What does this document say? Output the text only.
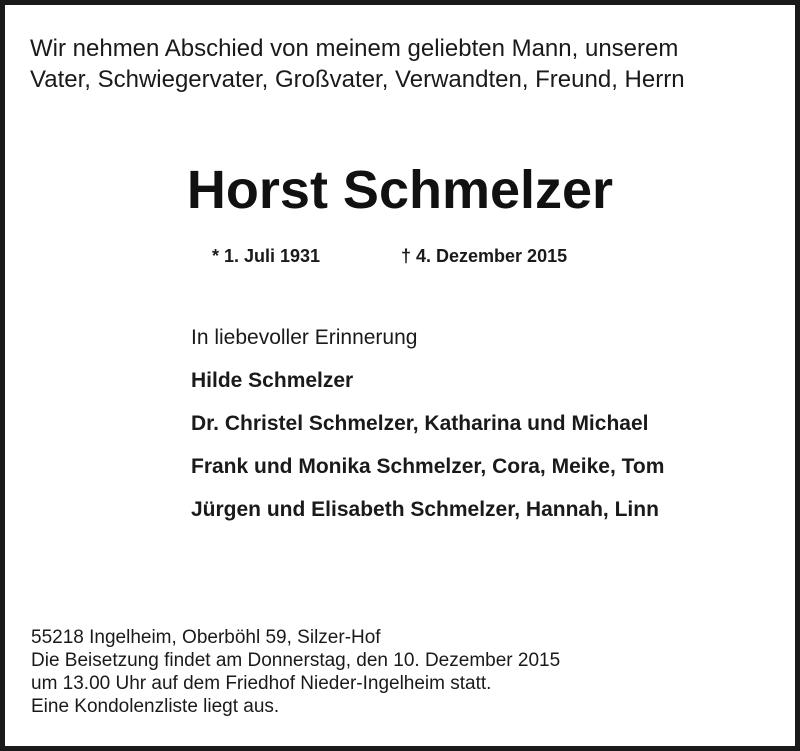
Wir nehmen Abschied von meinem geliebten Mann, unserem
Vater, Schwiegervater, Großvater, Verwandten, Freund, Herrn
Horst Schmelzer
* 1. Juli 1931	† 4. Dezember 2015
In liebevoller Erinnerung
Hilde Schmelzer
Dr. Christel Schmelzer, Katharina und Michael
Frank und Monika Schmelzer, Cora, Meike, Tom
Jürgen und Elisabeth Schmelzer, Hannah, Linn
55218 Ingelheim, Oberböhl 59, Silzer-Hof
Die Beisetzung findet am Donnerstag, den 10. Dezember 2015
um 13.00 Uhr auf dem Friedhof Nieder-Ingelheim statt.
Eine Kondolenzliste liegt aus.
